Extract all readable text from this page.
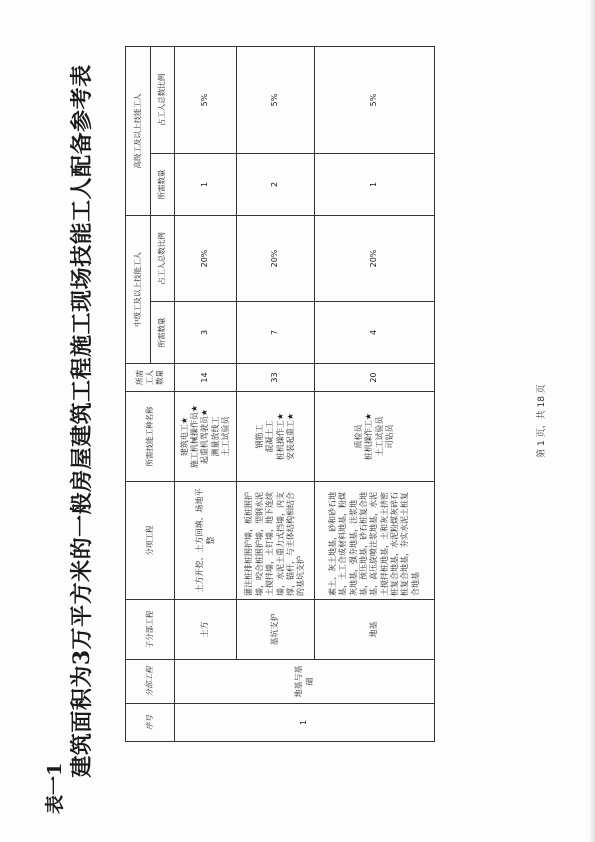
表一1
建筑面积为3万平方米的一般房屋建筑工程施工现场技能工人配备参考表	序号	分部工程	子分部工程	分项工程	所需技能工种名称	所需工人数量	中级工及以上技能工人		高级工及以上技能工人	
						所需数量	占工人总数比例	所需数量	占工人总数比例
1	地基与基础	土方	土方开挖、土方回填、场地平整	建筑电工★
施工机械操作员★
起重机驾驶员★
测量放线工
土工试验员	14	3	20%	1	5%
		基坑支护	灌注桩排桩围护墙，板桩围护墙，咬合桩围护墙，型钢水泥土搅拌墙，土钉墙，地下连续墙，水泥土重力式挡墙，内支撑，锚杆，与主体结构相结合的基坑支护	钢筋工
混凝土工
桩机操作工★
安装起重工★	33	7	20%	2	5%
		地基	素土、灰土地基，砂和砂石地基，土工合成材料地基，粉煤灰地基，强夯地基，注浆地基，预压地基，砂石桩复合地基，高压旋喷注浆地基，水泥土搅拌桩地基，土和灰土挤密桩复合地基，水泥粉煤灰碎石桩复合地基，夯实水泥土桩复合地基	质检员
桩机操作工★
土工试验员
司钻员	20	4	20%	1	5%
第 1 页，共 18 页
